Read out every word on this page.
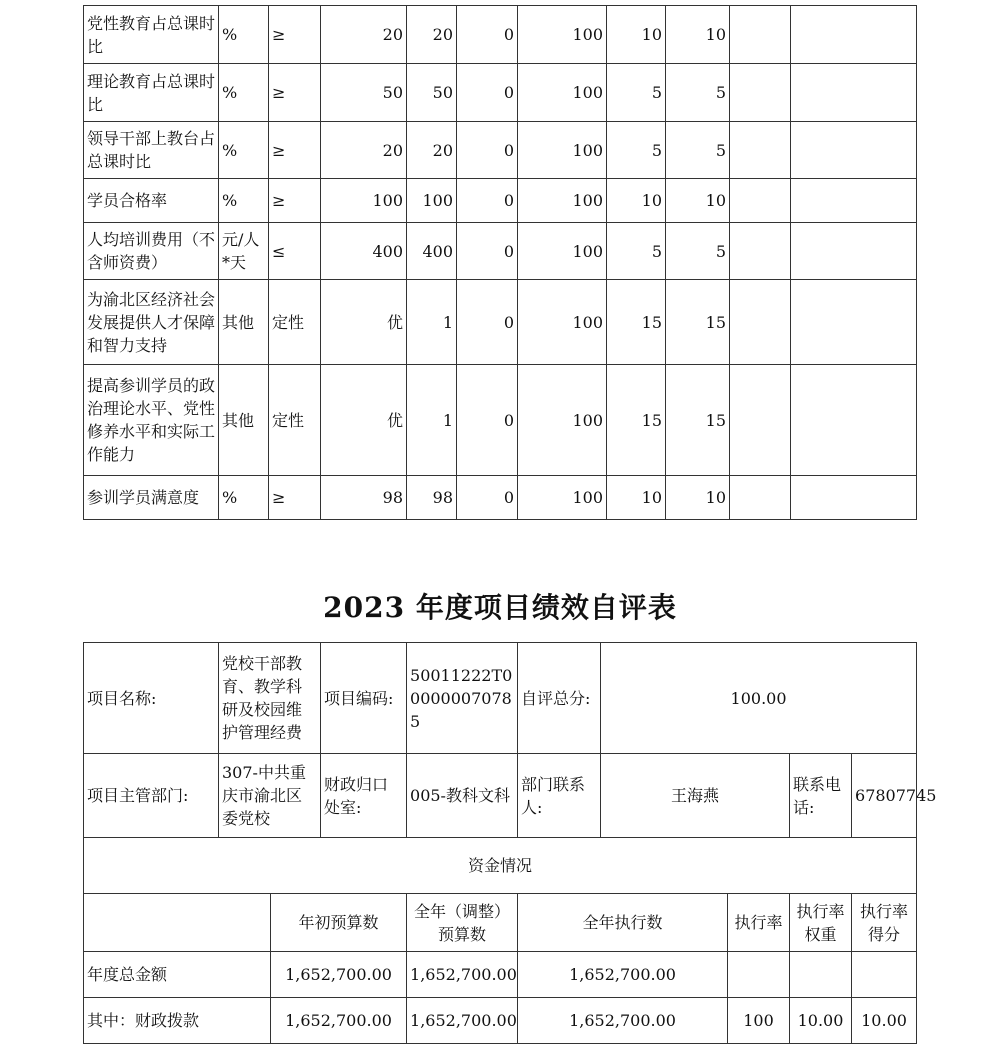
党性教育占总课时比	%	≥	20	20	0	100	10	10		
理论教育占总课时比	%	≥	50	50	0	100	5	5		
领导干部上教台占总课时比	%	≥	20	20	0	100	5	5		
学员合格率	%	≥	100	100	0	100	10	10		
人均培训费用（不含师资费）	元/人*天	≤	400	400	0	100	5	5		
为渝北区经济社会发展提供人才保障和智力支持	其他	定性	优	1	0	100	15	15		
提高参训学员的政治理论水平、党性修养水平和实际工作能力	其他	定性	优	1	0	100	15	15		
参训学员满意度	%	≥	98	98	0	100	10	10		
2023 年度项目绩效自评表
项目名称:	党校干部教育、教学科研及校园维护管理经费		项目编码:	50011222T000000070785	自评总分:	100.00			
项目主管部门:	307-中共重庆市渝北区委党校		财政归口处室:	005-教科文科	部门联系人:	王海燕		联系电话:	67807745
资金情况									
		年初预算数		全年（调整）预算数	全年执行数		执行率	执行率权重	执行率得分
年度总金额		1,652,700.00		1,652,700.00	1,652,700.00				
其中：财政拨款		1,652,700.00		1,652,700.00	1,652,700.00		100	10.00	10.00
